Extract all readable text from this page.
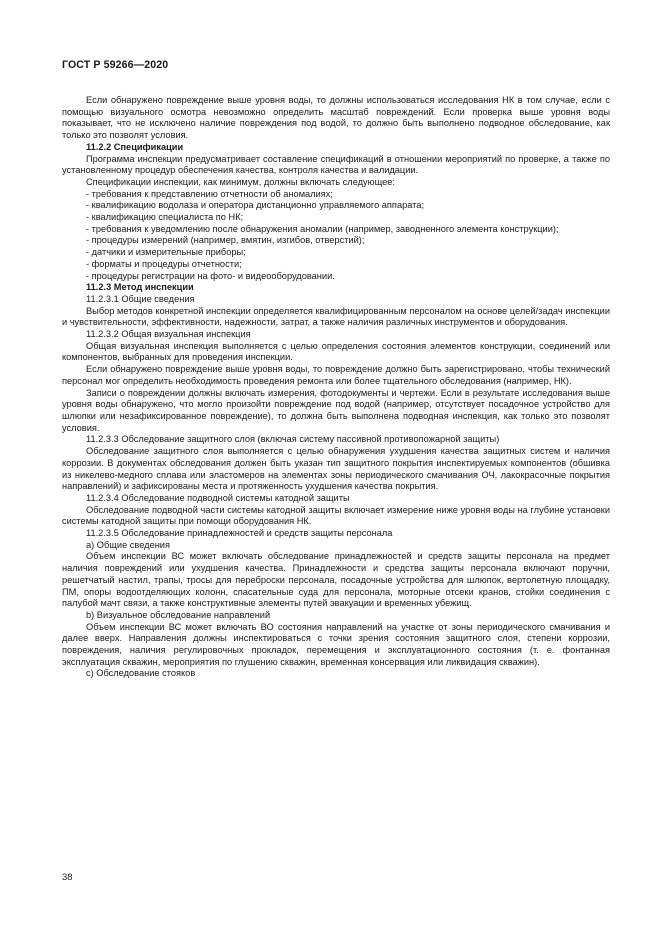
ГОСТ Р 59266—2020

Если обнаружено повреждение выше уровня воды, то должны использоваться исследования НК в том случае, если с помощью визуального осмотра невозможно определить масштаб повреждений. Если проверка выше уровня воды показывает, что не исключено наличие повреждения под водой, то должно быть выполнено подводное обследование, как только это позволят условия.

11.2.2 Спецификации

Программа инспекции предусматривает составление спецификаций в отношении мероприятий по проверке, а также по установленному процедур обеспечения качества, контроля качества и валидации.

Спецификации инспекции, как минимум, должны включать следующее:

- требования к представлению отчетности об аномалиях;

- квалификацию водолаза и оператора дистанционно управляемого аппарата;

- квалификацию специалиста по НК;

- требования к уведомлению после обнаружения аномалии (например, заводненного элемента конструкции);

- процедуры измерений (например, вмятин, изгибов, отверстий);

- датчики и измерительные приборы;

- форматы и процедуры отчетности;

- процедуры регистрации на фото- и видеооборудовании.

11.2.3 Метод инспекции

11.2.3.1 Общие сведения

Выбор методов конкретной инспекции определяется квалифицированным персоналом на основе целей/задач инспекции и чувствительности, эффективности, надежности, затрат, а также наличия различных инструментов и оборудования.

11.2.3.2 Общая визуальная инспекция

Общая визуальная инспекция выполняется с целью определения состояния элементов конструкции, соединений или компонентов, выбранных для проведения инспекции.

Если обнаружено повреждение выше уровня воды, то повреждение должно быть зарегистрировано, чтобы технический персонал мог определить необходимость проведения ремонта или более тщательного обследования (например, НК).

Записи о повреждении должны включать измерения, фотодокументы и чертежи. Если в результате исследования выше уровня воды обнаружено, что могло произойти повреждение под водой (например, отсутствует посадочное устройство для шлюпки или незафиксированное повреждение), то должна быть выполнена подводная инспекция, как только это позволят условия.

11.2.3.3 Обследование защитного слоя (включая систему пассивной противопожарной защиты)

Обследование защитного слоя выполняется с целью обнаружения ухудшения качества защитных систем и наличия коррозии. В документах обследования должен быть указан тип защитного покрытия инспектируемых компонентов (обшивка из никелево-медного сплава или эластомеров на элементах зоны периодического смачивания ОЧ, лакокрасочные покрытия направлений) и зафиксированы места и протяженность ухудшения качества покрытия.

11.2.3.4 Обследование подводной системы катодной защиты

Обследование подводной части системы катодной защиты включает измерение ниже уровня воды на глубине установки системы катодной защиты при помощи оборудования НК.

11.2.3.5 Обследование принадлежностей и средств защиты персонала

а) Общие сведения

Объем инспекции ВС может включать обследование принадлежностей и средств защиты персонала на предмет наличия повреждений или ухудшения качества. Принадлежности и средства защиты персонала включают поручни, решетчатый настил, трапы, тросы для переброски персонала, посадочные устройства для шлюпок, вертолетную площадку, ПМ, опоры водоотделяющих колонн, спасательные суда для персонала, моторные отсеки кранов, стойки соединения с палубой мачт связи, а также конструктивные элементы путей эвакуации и временных убежищ.

b) Визуальное обследование направлений

Объем инспекции ВС может включать ВО состояния направлений на участке от зоны периодического смачивания и далее вверх. Направления должны инспектироваться с точки зрения состояния защитного слоя, степени коррозии, повреждения, наличия регулировочных прокладок, перемещения и эксплуатационного состояния (т. е. фонтанная эксплуатация скважин, мероприятия по глушению скважин, временная консервация или ликвидация скважин).

c) Обследование стояков

38
